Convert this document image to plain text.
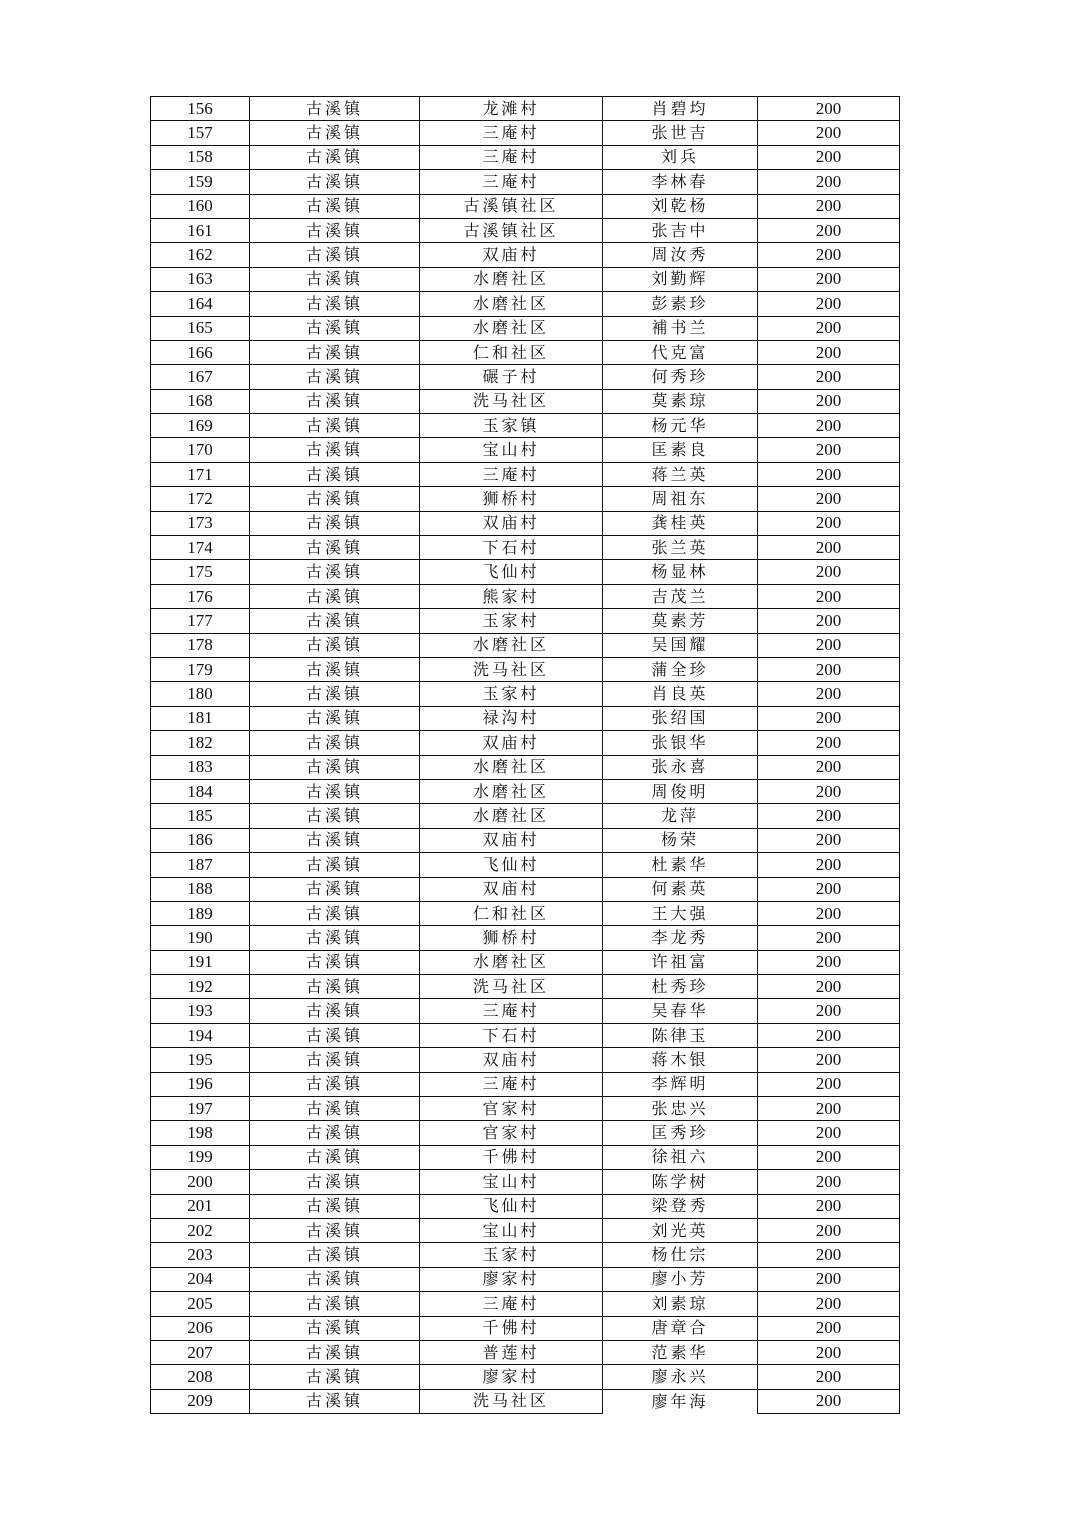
156	古溪镇	龙滩村	肖碧均	200
157	古溪镇	三庵村	张世吉	200
158	古溪镇	三庵村	刘兵	200
159	古溪镇	三庵村	李林春	200
160	古溪镇	古溪镇社区	刘乾杨	200
161	古溪镇	古溪镇社区	张吉中	200
162	古溪镇	双庙村	周汝秀	200
163	古溪镇	水磨社区	刘勤辉	200
164	古溪镇	水磨社区	彭素珍	200
165	古溪镇	水磨社区	補书兰	200
166	古溪镇	仁和社区	代克富	200
167	古溪镇	碾子村	何秀珍	200
168	古溪镇	洗马社区	莫素琼	200
169	古溪镇	玉家镇	杨元华	200
170	古溪镇	宝山村	匡素良	200
171	古溪镇	三庵村	蒋兰英	200
172	古溪镇	狮桥村	周祖东	200
173	古溪镇	双庙村	龚桂英	200
174	古溪镇	下石村	张兰英	200
175	古溪镇	飞仙村	杨显林	200
176	古溪镇	熊家村	吉茂兰	200
177	古溪镇	玉家村	莫素芳	200
178	古溪镇	水磨社区	吴国耀	200
179	古溪镇	洗马社区	蒲全珍	200
180	古溪镇	玉家村	肖良英	200
181	古溪镇	禄沟村	张绍国	200
182	古溪镇	双庙村	张银华	200
183	古溪镇	水磨社区	张永喜	200
184	古溪镇	水磨社区	周俊明	200
185	古溪镇	水磨社区	龙萍	200
186	古溪镇	双庙村	杨荣	200
187	古溪镇	飞仙村	杜素华	200
188	古溪镇	双庙村	何素英	200
189	古溪镇	仁和社区	王大强	200
190	古溪镇	狮桥村	李龙秀	200
191	古溪镇	水磨社区	许祖富	200
192	古溪镇	洗马社区	杜秀珍	200
193	古溪镇	三庵村	吴春华	200
194	古溪镇	下石村	陈律玉	200
195	古溪镇	双庙村	蒋木银	200
196	古溪镇	三庵村	李辉明	200
197	古溪镇	官家村	张忠兴	200
198	古溪镇	官家村	匡秀珍	200
199	古溪镇	千佛村	徐祖六	200
200	古溪镇	宝山村	陈学树	200
201	古溪镇	飞仙村	梁登秀	200
202	古溪镇	宝山村	刘光英	200
203	古溪镇	玉家村	杨仕宗	200
204	古溪镇	廖家村	廖小芳	200
205	古溪镇	三庵村	刘素琼	200
206	古溪镇	千佛村	唐章合	200
207	古溪镇	普莲村	范素华	200
208	古溪镇	廖家村	廖永兴	200
209	古溪镇	洗马社区	廖年海	200
